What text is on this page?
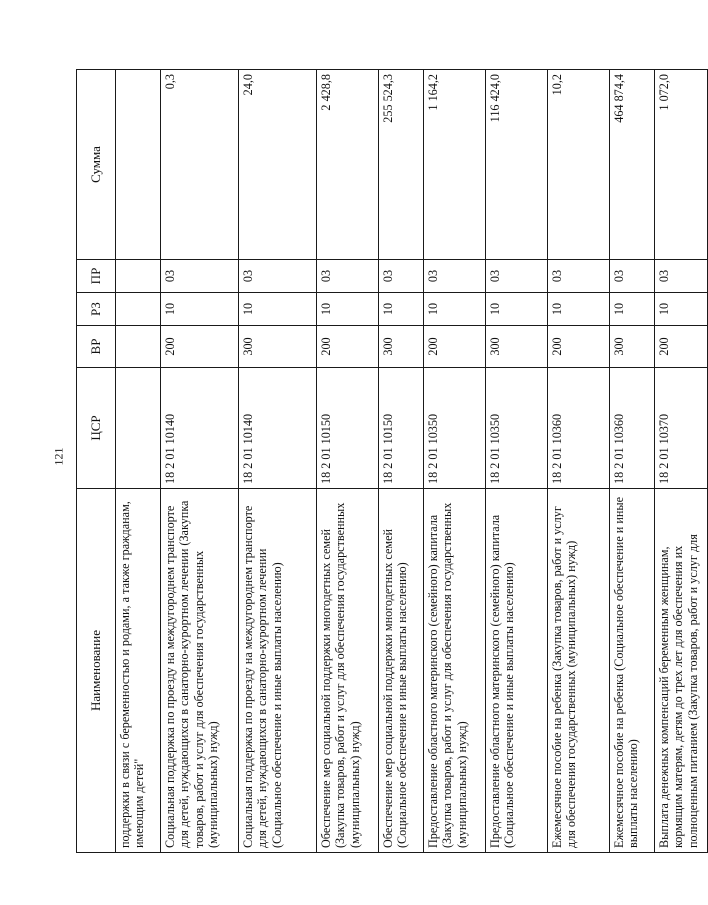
121
Наименование	ЦСР	ВР	РЗ	ПР	Сумма
поддержки в связи с беременностью и родами, а также гражданам, имеющим детей"					
Социальная поддержка по проезду на междугороднем транспорте для детей, нуждающихся в санаторно-курортном лечении (Закупка товаров, работ и услуг для обеспечения государственных (муниципальных) нужд)	18 2 01 10140	200	10	03	0,3
Социальная поддержка по проезду на междугороднем транспорте для детей, нуждающихся в санаторно-курортном лечении (Социальное обеспечение и иные выплаты населению)	18 2 01 10140	300	10	03	24,0
Обеспечение мер социальной поддержки многодетных семей (Закупка товаров, работ и услуг для обеспечения государственных (муниципальных) нужд)	18 2 01 10150	200	10	03	2 428,8
Обеспечение мер социальной поддержки многодетных семей (Социальное обеспечение и иные выплаты населению)	18 2 01 10150	300	10	03	255 524,3
Предоставление областного материнского (семейного) капитала (Закупка товаров, работ и услуг для обеспечения государственных (муниципальных) нужд)	18 2 01 10350	200	10	03	1 164,2
Предоставление областного материнского (семейного) капитала (Социальное обеспечение и иные выплаты населению)	18 2 01 10350	300	10	03	116 424,0
Ежемесячное пособие на ребенка (Закупка товаров, работ и услуг для обеспечения государственных (муниципальных) нужд)	18 2 01 10360	200	10	03	10,2
Ежемесячное пособие на ребенка (Социальное обеспечение и иные выплаты населению)	18 2 01 10360	300	10	03	464 874,4
Выплата денежных компенсаций беременным женщинам, кормящим матерям, детям до трех лет для обеспечения их полноценным питанием (Закупка товаров, работ и услуг для	18 2 01 10370	200	10	03	1 072,0
